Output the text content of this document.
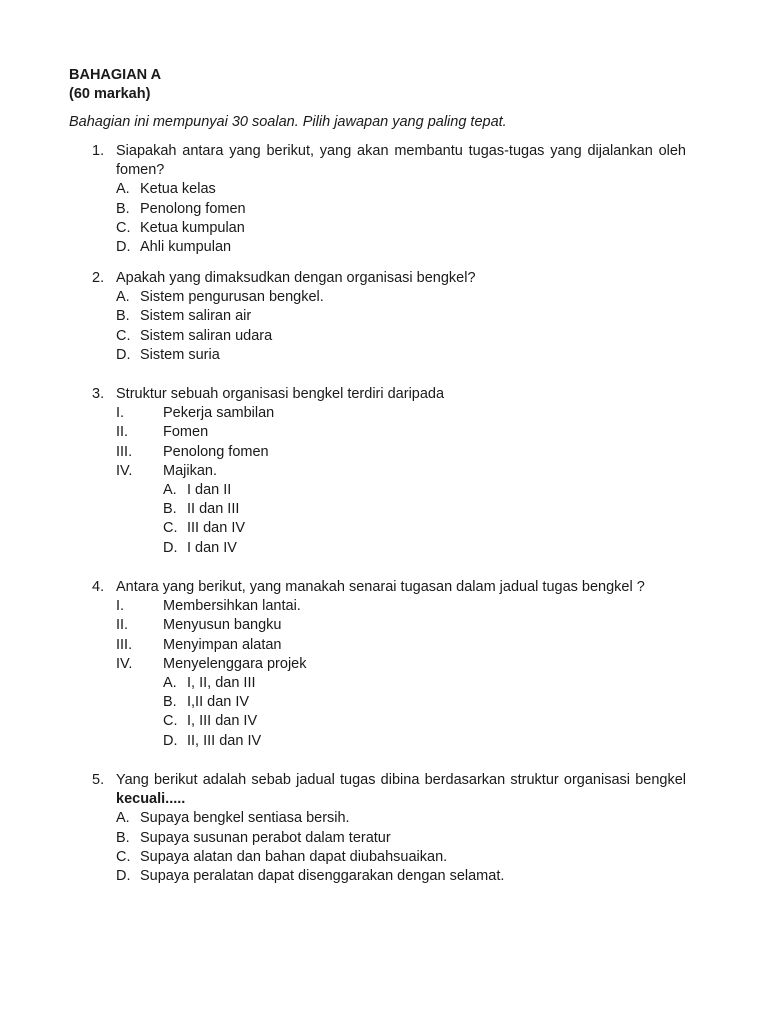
BAHAGIAN A
(60 markah)
Bahagian ini mempunyai 30 soalan. Pilih jawapan yang paling tepat.
1. Siapakah antara yang berikut, yang akan membantu tugas-tugas yang dijalankan oleh fomen?
A. Ketua kelas
B. Penolong fomen
C. Ketua kumpulan
D. Ahli kumpulan
2. Apakah yang dimaksudkan dengan organisasi bengkel?
A. Sistem pengurusan bengkel.
B. Sistem saliran air
C. Sistem saliran udara
D. Sistem suria
3. Struktur sebuah organisasi bengkel terdiri daripada
I.	Pekerja sambilan
II.	Fomen
III.	Penolong fomen
IV.	Majikan.
A. I dan II
B. II dan III
C. III dan IV
D. I dan IV
4. Antara yang berikut, yang manakah senarai tugasan dalam jadual tugas bengkel ?
I.	Membersihkan lantai.
II.	Menyusun bangku
III.	Menyimpan alatan
IV.	Menyelenggara projek
A. I, II, dan III
B. I,II dan IV
C. I, III dan IV
D. II, III dan IV
5. Yang berikut adalah sebab jadual tugas dibina berdasarkan struktur organisasi bengkel kecuali.....
A. Supaya bengkel sentiasa bersih.
B. Supaya susunan perabot dalam teratur
C. Supaya alatan dan bahan dapat diubahsuaikan.
D. Supaya peralatan dapat disenggarakan dengan selamat.
